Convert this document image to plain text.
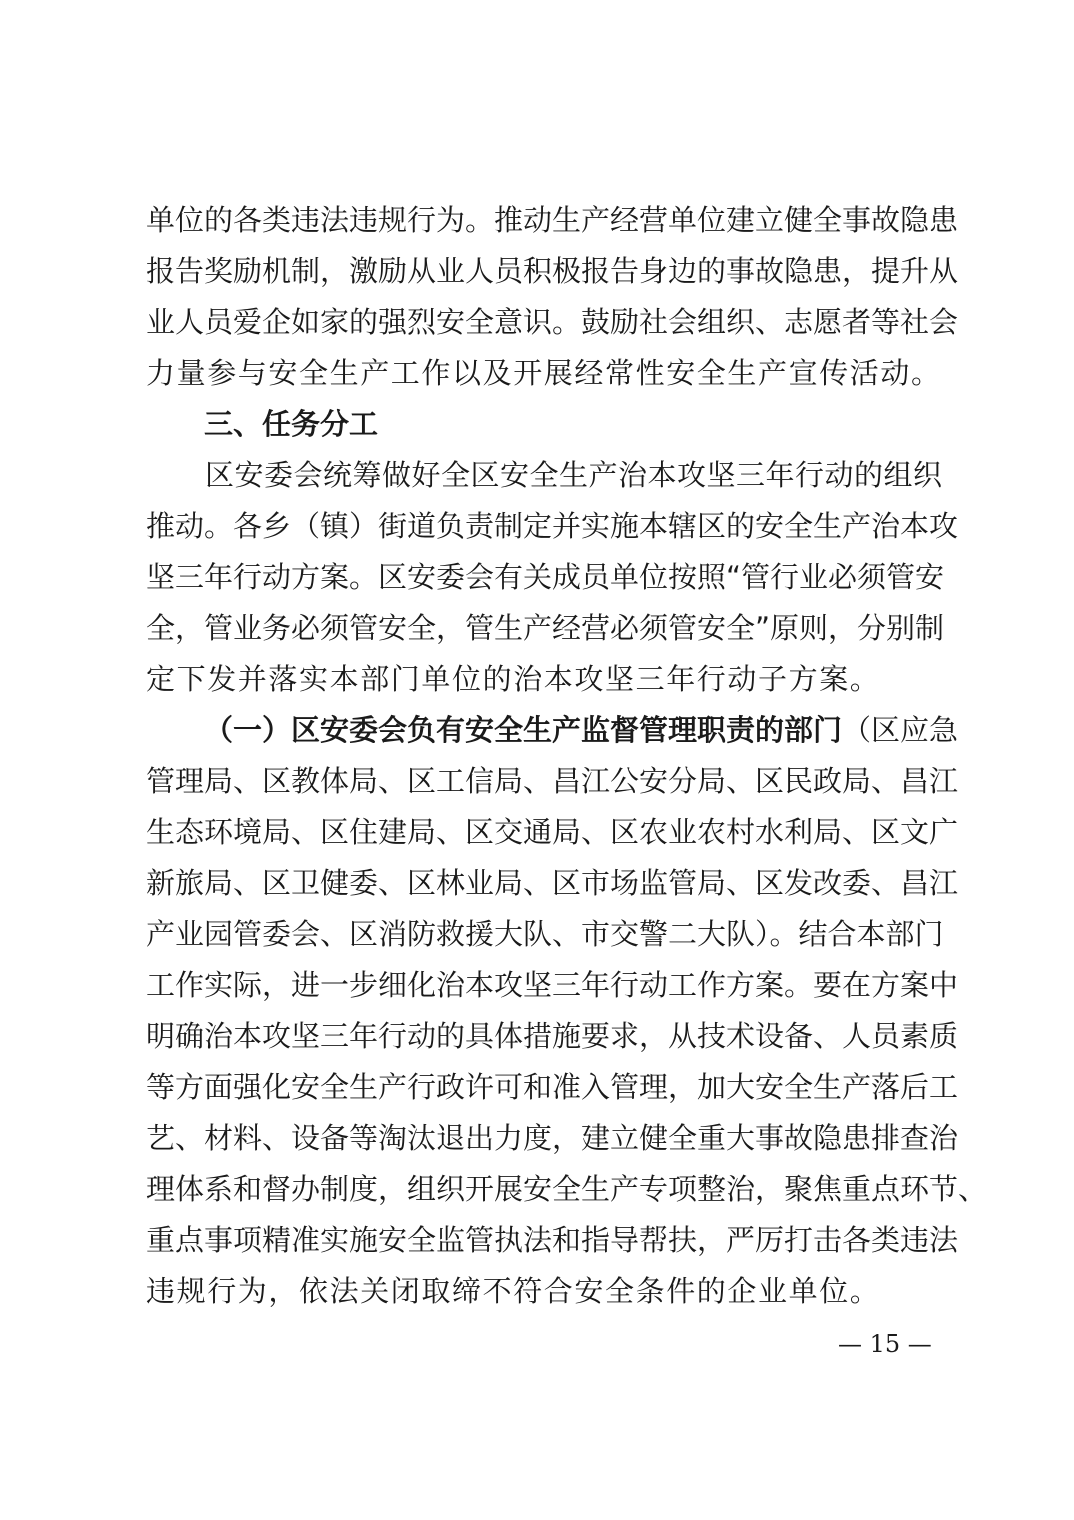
单位的各类违法违规行为。推动生产经营单位建立健全事故隐患
报告奖励机制，激励从业人员积极报告身边的事故隐患，提升从
业人员爱企如家的强烈安全意识。鼓励社会组织、志愿者等社会
力量参与安全生产工作以及开展经常性安全生产宣传活动。
三、任务分工
　　区安委会统筹做好全区安全生产治本攻坚三年行动的组织
推动。各乡（镇）街道负责制定并实施本辖区的安全生产治本攻
坚三年行动方案。区安委会有关成员单位按照“管行业必须管安
全，管业务必须管安全，管生产经营必须管安全”原则，分别制
定下发并落实本部门单位的治本攻坚三年行动子方案。
（一）区安委会负有安全生产监督管理职责的部门（区应急
管理局、区教体局、区工信局、昌江公安分局、区民政局、昌江
生态环境局、区住建局、区交通局、区农业农村水利局、区文广
新旅局、区卫健委、区林业局、区市场监管局、区发改委、昌江
产业园管委会、区消防救援大队、市交警二大队）。结合本部门
工作实际，进一步细化治本攻坚三年行动工作方案。要在方案中
明确治本攻坚三年行动的具体措施要求，从技术设备、人员素质
等方面强化安全生产行政许可和准入管理，加大安全生产落后工
艺、材料、设备等淘汰退出力度，建立健全重大事故隐患排查治
理体系和督办制度，组织开展安全生产专项整治，聚焦重点环节、
重点事项精准实施安全监管执法和指导帮扶，严厉打击各类违法
违规行为，依法关闭取缔不符合安全条件的企业单位。
— 15 —
